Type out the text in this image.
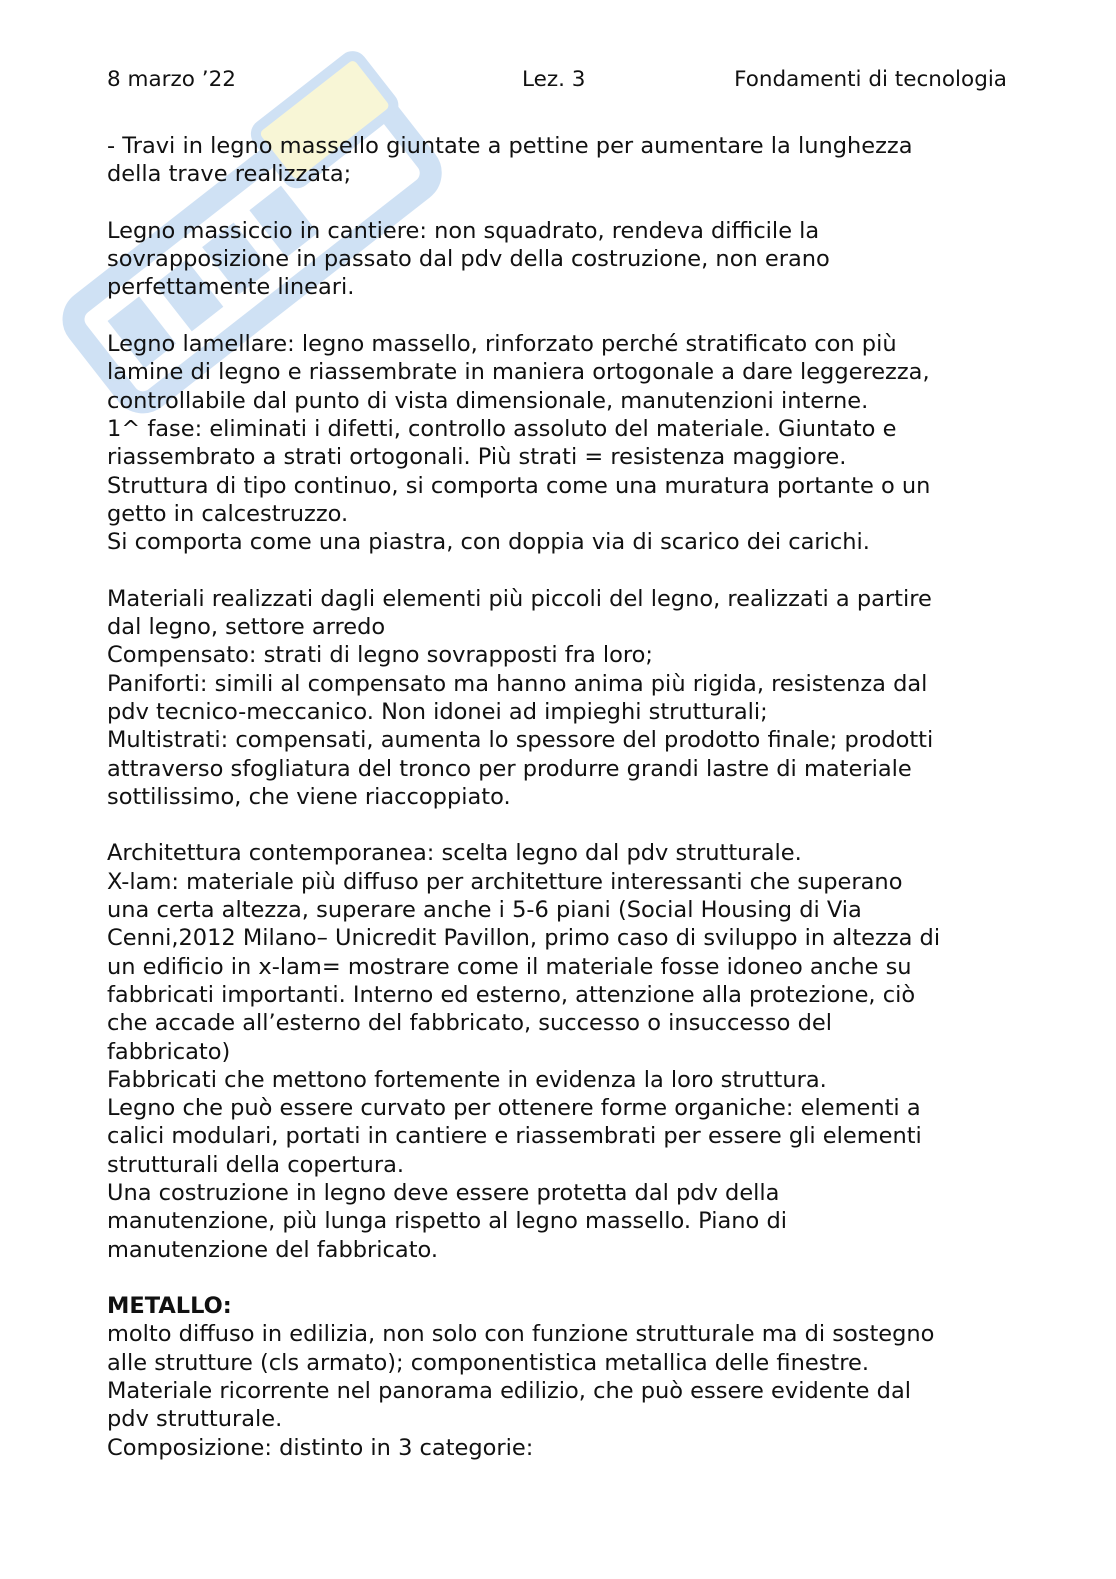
8 marzo ’22	Lez. 3	Fondamenti di tecnologia

- Travi in legno massello giuntate a pettine per aumentare la lunghezza

della trave realizzata;

Legno massiccio in cantiere: non squadrato, rendeva difficile la

sovrapposizione in passato dal pdv della costruzione, non erano

perfettamente lineari.

Legno lamellare: legno massello, rinforzato perché stratificato con più

lamine di legno e riassembrate in maniera ortogonale a dare leggerezza,

controllabile dal punto di vista dimensionale, manutenzioni interne.

1^ fase: eliminati i difetti, controllo assoluto del materiale. Giuntato e

riassembrato a strati ortogonali. Più strati = resistenza maggiore.

Struttura di tipo continuo, si comporta come una muratura portante o un

getto in calcestruzzo.

Si comporta come una piastra, con doppia via di scarico dei carichi.

Materiali realizzati dagli elementi più piccoli del legno, realizzati a partire

dal legno, settore arredo

Compensato: strati di legno sovrapposti fra loro;

Paniforti: simili al compensato ma hanno anima più rigida, resistenza dal

pdv tecnico-meccanico. Non idonei ad impieghi strutturali;

Multistrati: compensati, aumenta lo spessore del prodotto finale; prodotti

attraverso sfogliatura del tronco per produrre grandi lastre di materiale

sottilissimo, che viene riaccoppiato.

Architettura contemporanea: scelta legno dal pdv strutturale.

X-lam: materiale più diffuso per architetture interessanti che superano

una certa altezza, superare anche i 5-6 piani (Social Housing di Via

Cenni,2012 Milano– Unicredit Pavillon, primo caso di sviluppo in altezza di

un edificio in x-lam= mostrare come il materiale fosse idoneo anche su

fabbricati importanti. Interno ed esterno, attenzione alla protezione, ciò

che accade all’esterno del fabbricato, successo o insuccesso del

fabbricato)

Fabbricati che mettono fortemente in evidenza la loro struttura.

Legno che può essere curvato per ottenere forme organiche: elementi a

calici modulari, portati in cantiere e riassembrati per essere gli elementi

strutturali della copertura.

Una costruzione in legno deve essere protetta dal pdv della

manutenzione, più lunga rispetto al legno massello. Piano di

manutenzione del fabbricato.

METALLO:

molto diffuso in edilizia, non solo con funzione strutturale ma di sostegno

alle strutture (cls armato); componentistica metallica delle finestre.

Materiale ricorrente nel panorama edilizio, che può essere evidente dal

pdv strutturale.

Composizione: distinto in 3 categorie:
